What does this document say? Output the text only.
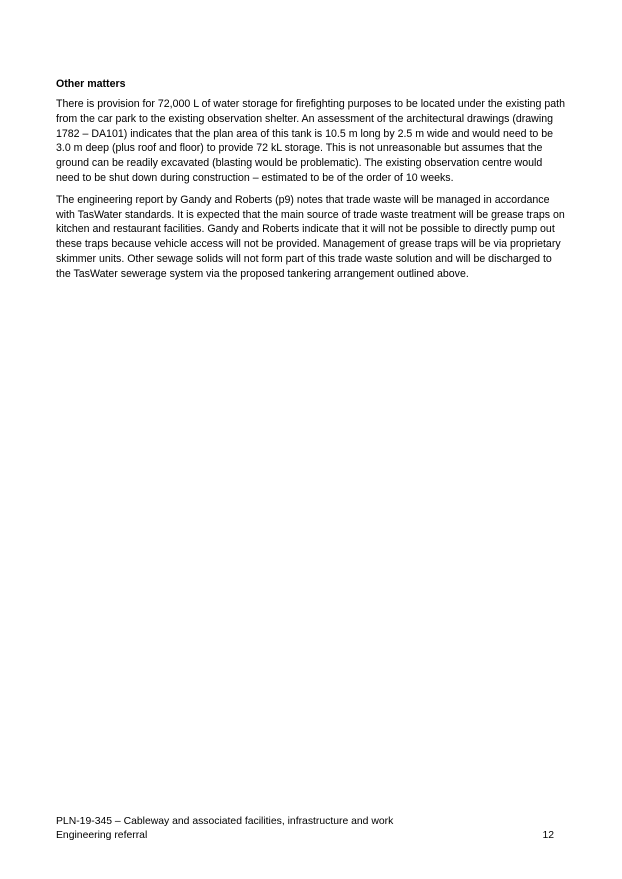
Other matters

There is provision for 72,000 L of water storage for firefighting purposes to be located under the existing path from the car park to the existing observation shelter. An assessment of the architectural drawings (drawing 1782 – DA101) indicates that the plan area of this tank is 10.5 m long by 2.5 m wide and would need to be 3.0 m deep (plus roof and floor) to provide 72 kL storage. This is not unreasonable but assumes that the ground can be readily excavated (blasting would be problematic). The existing observation centre would need to be shut down during construction – estimated to be of the order of 10 weeks.

The engineering report by Gandy and Roberts (p9) notes that trade waste will be managed in accordance with TasWater standards. It is expected that the main source of trade waste treatment will be grease traps on kitchen and restaurant facilities. Gandy and Roberts indicate that it will not be possible to directly pump out these traps because vehicle access will not be provided. Management of grease traps will be via proprietary skimmer units. Other sewage solids will not form part of this trade waste solution and will be discharged to the TasWater sewerage system via the proposed tankering arrangement outlined above.

PLN-19-345 – Cableway and associated facilities, infrastructure and work
Engineering referral	12
